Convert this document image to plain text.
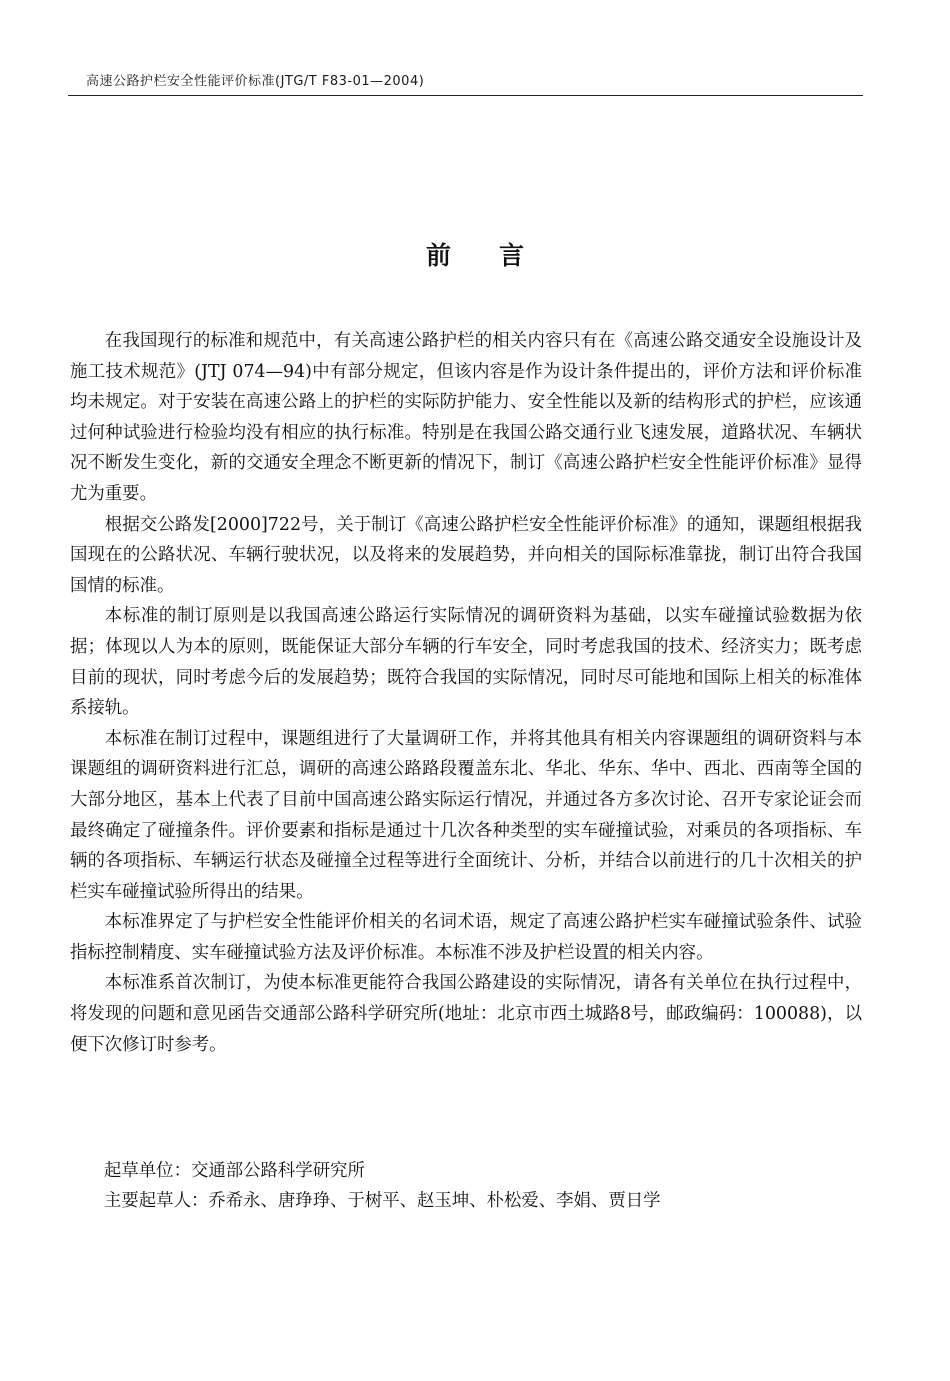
高速公路护栏安全性能评价标准(JTG/T F83-01—2004)
前言

在我国现行的标准和规范中，有关高速公路护栏的相关内容只有在《高速公路交通安全设施设计及施工技术规范》(JTJ 074—94)中有部分规定，但该内容是作为设计条件提出的，评价方法和评价标准均未规定。对于安装在高速公路上的护栏的实际防护能力、安全性能以及新的结构形式的护栏，应该通过何种试验进行检验均没有相应的执行标准。特别是在我国公路交通行业飞速发展，道路状况、车辆状况不断发生变化，新的交通安全理念不断更新的情况下，制订《高速公路护栏安全性能评价标准》显得尤为重要。

根据交公路发[2000]722号，关于制订《高速公路护栏安全性能评价标准》的通知，课题组根据我国现在的公路状况、车辆行驶状况，以及将来的发展趋势，并向相关的国际标准靠拢，制订出符合我国国情的标准。

本标准的制订原则是以我国高速公路运行实际情况的调研资料为基础，以实车碰撞试验数据为依据；体现以人为本的原则，既能保证大部分车辆的行车安全，同时考虑我国的技术、经济实力；既考虑目前的现状，同时考虑今后的发展趋势；既符合我国的实际情况，同时尽可能地和国际上相关的标准体系接轨。

本标准在制订过程中，课题组进行了大量调研工作，并将其他具有相关内容课题组的调研资料与本课题组的调研资料进行汇总，调研的高速公路路段覆盖东北、华北、华东、华中、西北、西南等全国的大部分地区，基本上代表了目前中国高速公路实际运行情况，并通过各方多次讨论、召开专家论证会而最终确定了碰撞条件。评价要素和指标是通过十几次各种类型的实车碰撞试验，对乘员的各项指标、车辆的各项指标、车辆运行状态及碰撞全过程等进行全面统计、分析，并结合以前进行的几十次相关的护栏实车碰撞试验所得出的结果。

本标准界定了与护栏安全性能评价相关的名词术语，规定了高速公路护栏实车碰撞试验条件、试验指标控制精度、实车碰撞试验方法及评价标准。本标准不涉及护栏设置的相关内容。

本标准系首次制订，为使本标准更能符合我国公路建设的实际情况，请各有关单位在执行过程中，将发现的问题和意见函告交通部公路科学研究所(地址：北京市西土城路8号，邮政编码：100088)，以便下次修订时参考。

起草单位：交通部公路科学研究所

主要起草人：乔希永、唐琤琤、于树平、赵玉坤、朴松爱、李娟、贾日学
